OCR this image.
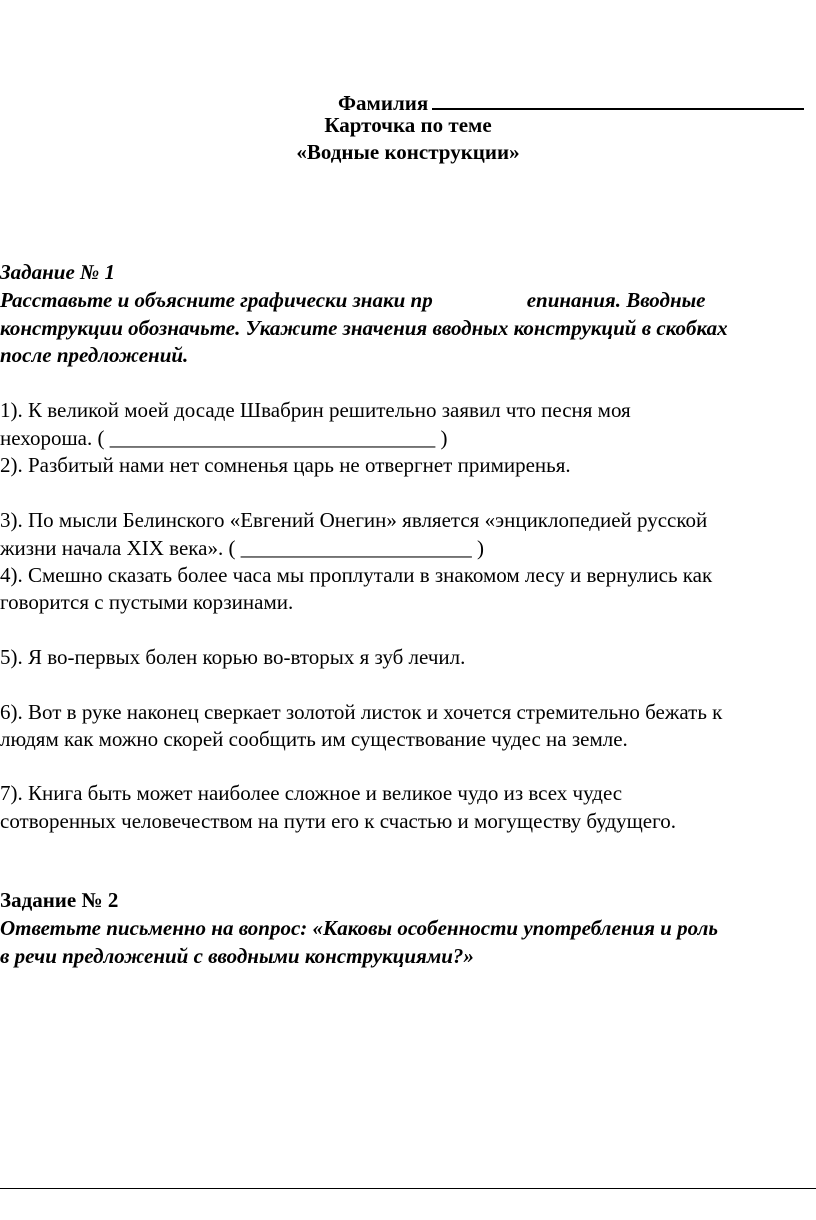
Фамилия
Карточка по теме
«Водные конструкции»
Задание № 1
Расставьте и объясните графически знаки пр	епинания. Вводные
конструкции обозначьте. Укажите значения вводных конструкций в скобках
после предложений.
1). К великой моей досаде Швабрин решительно заявил что песня моя
нехороша. ( _______________________________ )
2). Разбитый нами нет сомненья царь не отвергнет примиренья.
3). По мысли Белинского «Евгений Онегин» является «энциклопедией русской
жизни начала XIX века». ( ______________________ )
4). Смешно сказать более часа мы проплутали в знакомом лесу и вернулись как
говорится с пустыми корзинами.
5). Я во-первых болен корью во-вторых я зуб лечил.
6). Вот в руке наконец сверкает золотой листок и хочется стремительно бежать к
людям как можно скорей сообщить им существование чудес на земле.
7). Книга быть может наиболее сложное и великое чудо из всех чудес
сотворенных человечеством на пути его к счастью и могуществу будущего.
Задание № 2
Ответьте письменно на вопрос: «Каковы особенности употребления и роль
в речи предложений с вводными конструкциями?»
